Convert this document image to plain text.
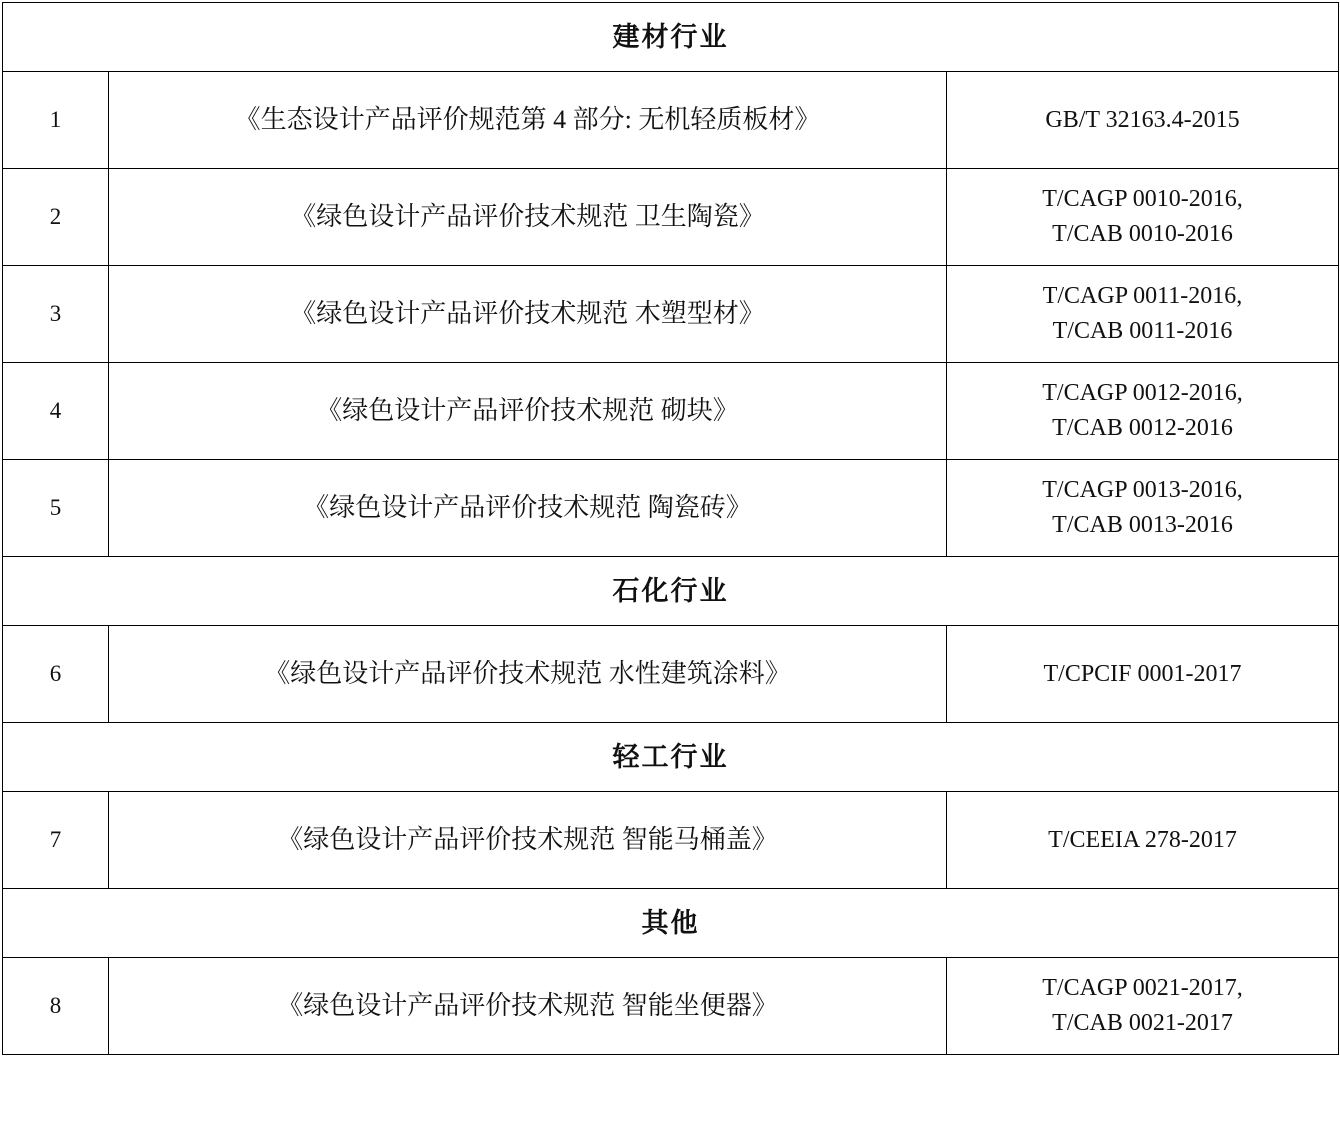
建材行业		
1	《生态设计产品评价规范第 4 部分: 无机轻质板材》	GB/T 32163.4-2015

2	《绿色设计产品评价技术规范 卫生陶瓷》	T/CAGP 0010-2016,
T/CAB 0010-2016

3	《绿色设计产品评价技术规范 木塑型材》	T/CAGP 0011-2016,
T/CAB 0011-2016

4	《绿色设计产品评价技术规范 砌块》	T/CAGP 0012-2016,
T/CAB 0012-2016

5	《绿色设计产品评价技术规范 陶瓷砖》	T/CAGP 0013-2016,
T/CAB 0013-2016

石化行业		
6	《绿色设计产品评价技术规范 水性建筑涂料》	T/CPCIF 0001-2017

轻工行业		
7	《绿色设计产品评价技术规范 智能马桶盖》	T/CEEIA 278-2017

其他		
8	《绿色设计产品评价技术规范 智能坐便器》	T/CAGP 0021-2017,
T/CAB 0021-2017
